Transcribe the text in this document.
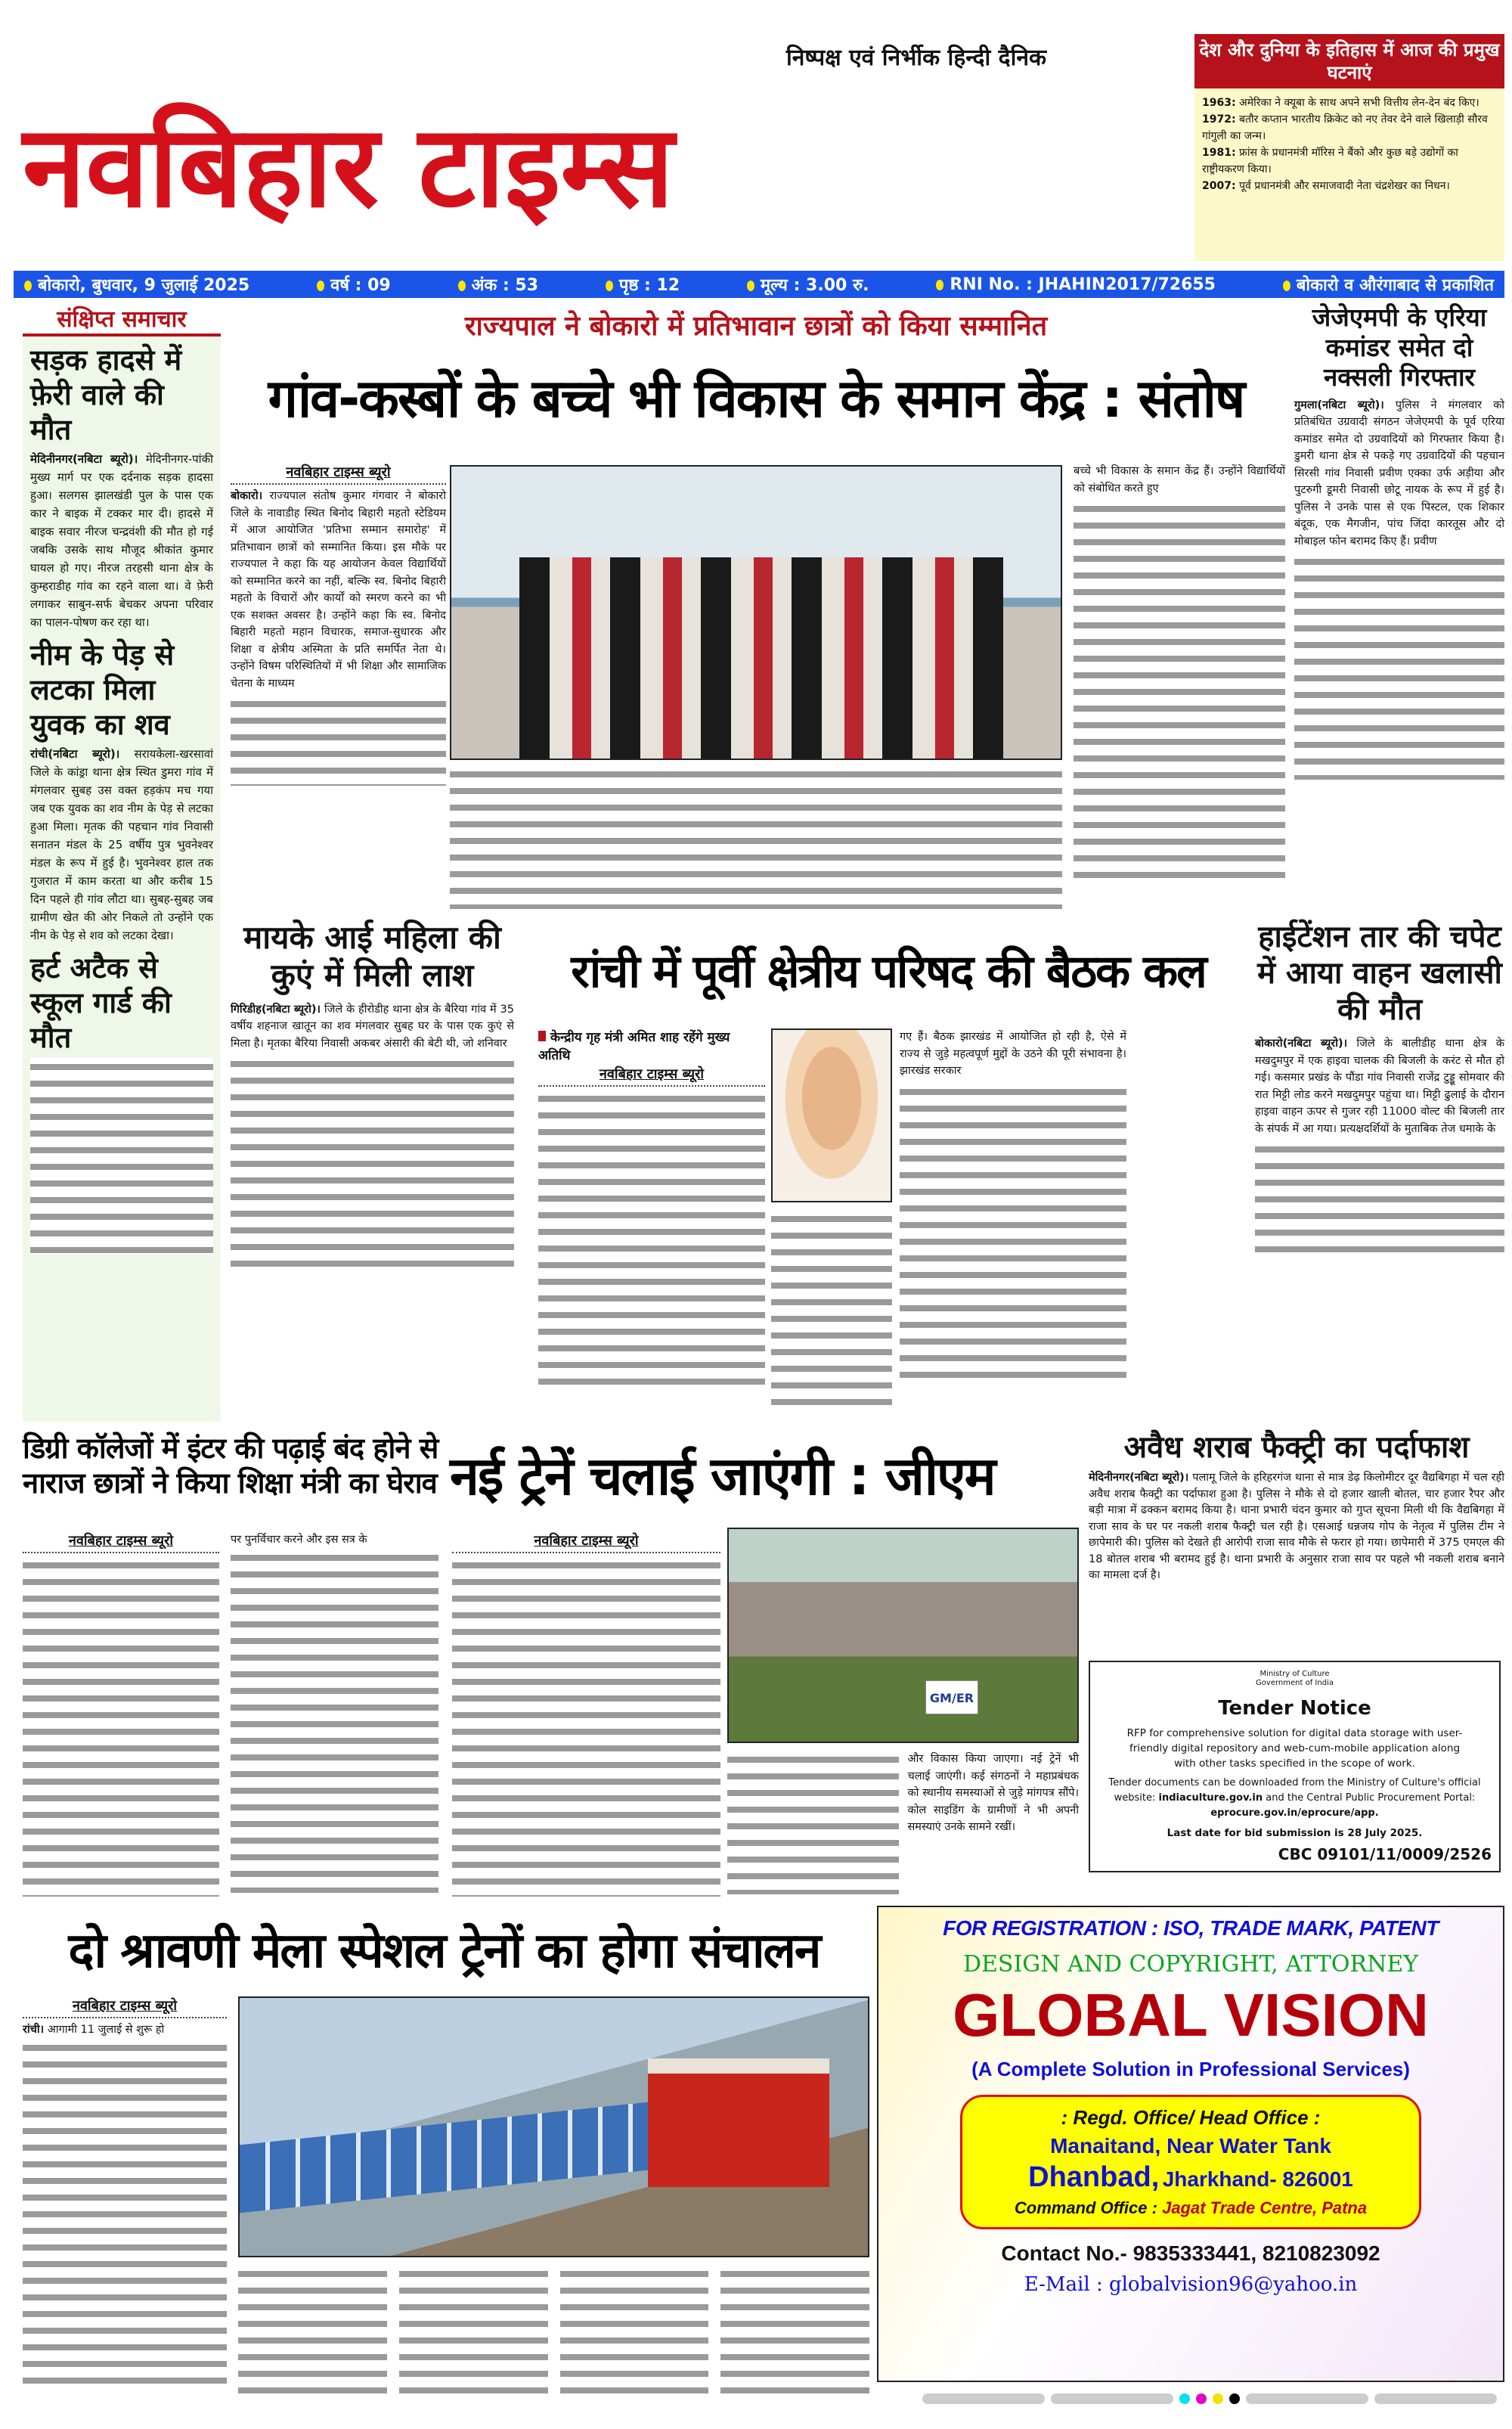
नवबिहार टाइम्स
निष्पक्ष एवं निर्भीक हिन्दी दैनिक	देश और दुनिया के इतिहास में आज की प्रमुख घटनाएं
1963: अमेरिका ने क्यूबा के साथ अपने सभी वित्तीय लेन-देन बंद किए।
1972: बतौर कप्तान भारतीय क्रिकेट को नए तेवर देने वाले खिलाड़ी सौरव गांगुली का जन्म।
1981: फ्रांस के प्रधानमंत्री मॉरिस ने बैंको और कुछ बड़े उद्योगों का राष्ट्रीयकरण किया।
2007: पूर्व प्रधानमंत्री और समाजवादी नेता चंद्रशेखर का निधन।
बोकारो, बुधवार, 9 जुलाई 2025	वर्ष : 09	अंक : 53	पृष्ठ : 12	मूल्य : 3.00 रु.	RNI No. : JHAHIN2017/72655	बोकारो व औरंगाबाद से प्रकाशित
संक्षिप्त समाचार
सड़क हादसे में फ़ेरी वाले की मौत
मेदिनीनगर(नबिटा ब्यूरो)। मेदिनीनगर-पांकी मुख्य मार्ग पर एक दर्दनाक सड़क हादसा हुआ। सलगस झालखंडी पुल के पास एक कार ने बाइक में टक्कर मार दी। हादसे में बाइक सवार नीरज चन्द्रवंशी की मौत हो गई जबकि उसके साथ मौजूद श्रीकांत कुमार घायल हो गए। नीरज तरहसी थाना क्षेत्र के कुम्हराडीह गांव का रहने वाला था। वे फ़ेरी लगाकर साबुन-सर्फ बेचकर अपना परिवार का पालन-पोषण कर रहा था।
नीम के पेड़ से लटका मिला युवक का शव
रांची(नबिटा ब्यूरो)। सरायकेला-खरसावां जिले के कांड्रा थाना क्षेत्र स्थित डुमरा गांव में मंगलवार सुबह उस वक्त हड़कंप मच गया जब एक युवक का शव नीम के पेड़ से लटका हुआ मिला। मृतक की पहचान गांव निवासी सनातन मंडल के 25 वर्षीय पुत्र भुवनेश्वर मंडल के रूप में हुई है। भुवनेश्वर हाल तक गुजरात में काम करता था और करीब 15 दिन पहले ही गांव लौटा था। सुबह-सुबह जब ग्रामीण खेत की ओर निकले तो उन्होंने एक नीम के पेड़ से शव को लटका देखा।
हर्ट अटैक से स्कूल गार्ड की मौत
राज्यपाल ने बोकारो में प्रतिभावान छात्रों को किया सम्मानित
गांव-कस्बों के बच्चे भी विकास के समान केंद्र : संतोष
नवबिहार टाइम्स ब्यूरो
बोकारो। राज्यपाल संतोष कुमार गंगवार ने बोकारो जिले के नावाडीह स्थित बिनोद बिहारी महतो स्टेडियम में आज आयोजित 'प्रतिभा सम्मान समारोह' में प्रतिभावान छात्रों को सम्मानित किया। इस मौके पर राज्यपाल ने कहा कि यह आयोजन केवल विद्यार्थियों को सम्मानित करने का नहीं, बल्कि स्व. बिनोद बिहारी महतो के विचारों और कार्यों को स्मरण करने का भी एक सशक्त अवसर है। उन्होंने कहा कि स्व. बिनोद बिहारी महतो महान विचारक, समाज-सुधारक और शिक्षा व क्षेत्रीय अस्मिता के प्रति समर्पित नेता थे। उन्होंने विषम परिस्थितियों में भी शिक्षा और सामाजिक चेतना के माध्यम
बच्चे भी विकास के समान केंद्र हैं। उन्होंने विद्यार्थियों को संबोधित करते हुए
जेजेएमपी के एरिया कमांडर समेत दो नक्सली गिरफ्तार
गुमला(नबिटा ब्यूरो)। पुलिस ने मंगलवार को प्रतिबंधित उग्रवादी संगठन जेजेएमपी के पूर्व एरिया कमांडर समेत दो उग्रवादियों को गिरफ्तार किया है। डुमरी थाना क्षेत्र से पकड़े गए उग्रवादियों की पहचान सिरसी गांव निवासी प्रवीण एक्का उर्फ अड़ीया और पुटरुगी डूमरी निवासी छोटू नायक के रूप में हुई है। पुलिस ने उनके पास से एक पिस्टल, एक शिकार बंदूक, एक मैगजीन, पांच जिंदा कारतूस और दो मोबाइल फोन बरामद किए हैं। प्रवीण
मायके आई महिला की कुएं में मिली लाश
गिरिडीह(नबिटा ब्यूरो)। जिले के हीरोडीह थाना क्षेत्र के बैरिया गांव में 35 वर्षीय शहनाज खातून का शव मंगलवार सुबह घर के पास एक कुएं से मिला है। मृतका बैरिया निवासी अकबर अंसारी की बेटी थी, जो शनिवार
रांची में पूर्वी क्षेत्रीय परिषद की बैठक कल
केन्द्रीय गृह मंत्री अमित शाह रहेंगे मुख्य अतिथि
नवबिहार टाइम्स ब्यूरो
गए हैं। बैठक झारखंड में आयोजित हो रही है, ऐसे में राज्य से जुड़े महत्वपूर्ण मुद्दों के उठने की पूरी संभावना है। झारखंड सरकार
हाईटेंशन तार की चपेट में आया वाहन खलासी की मौत
बोकारो(नबिटा ब्यूरो)। जिले के बालीडीह थाना क्षेत्र के मखदुमपुर में एक हाइवा चालक की बिजली के करंट से मौत हो गई। कसमार प्रखंड के पौंडा गांव निवासी राजेंद्र टुड्डू सोमवार की रात मिट्टी लोड करने मखदुमपुर पहुंचा था। मिट्टी ढुलाई के दौरान हाइवा वाहन ऊपर से गुजर रही 11000 वोल्ट की बिजली तार के संपर्क में आ गया। प्रत्यक्षदर्शियों के मुताबिक तेज धमाके के
डिग्री कॉलेजों में इंटर की पढ़ाई बंद होने से नाराज छात्रों ने किया शिक्षा मंत्री का घेराव
नवबिहार टाइम्स ब्यूरो	पर पुनर्विचार करने और इस सत्र के
नई ट्रेनें चलाई जाएंगी : जीएम
नवबिहार टाइम्स ब्यूरो
GM/ER
और विकास किया जाएगा। नई ट्रेनें भी चलाई जाएंगी। कई संगठनों ने महाप्रबंधक को स्थानीय समस्याओं से जुड़े मांगपत्र सौंपे। कोल साइडिंग के ग्रामीणों ने भी अपनी समस्याएं उनके सामने रखीं।
अवैध शराब फैक्ट्री का पर्दाफाश
मेदिनीनगर(नबिटा ब्यूरो)। पलामू जिले के हरिहरगंज थाना से मात्र डेढ़ किलोमीटर दूर वैद्यबिगहा में चल रही अवैध शराब फैक्ट्री का पर्दाफाश हुआ है। पुलिस ने मौके से दो हजार खाली बोतल, चार हजार रैपर और बड़ी मात्रा में ढक्कन बरामद किया है। थाना प्रभारी चंदन कुमार को गुप्त सूचना मिली थी कि वैद्यबिगहा में राजा साव के घर पर नकली शराब फैक्ट्री चल रही है। एसआई धन्नजय गोप के नेतृत्व में पुलिस टीम ने छापेमारी की। पुलिस को देखते ही आरोपी राजा साव मौके से फरार हो गया। छापेमारी में 375 एमएल की 18 बोतल शराब भी बरामद हुई है। थाना प्रभारी के अनुसार राजा साव पर पहले भी नकली शराब बनाने का मामला दर्ज है।
Ministry of Culture
Government of India
Tender Notice
RFP for comprehensive solution for digital data storage with user-friendly digital repository and web-cum-mobile application along with other tasks specified in the scope of work.
Tender documents can be downloaded from the Ministry of Culture's official website: indiaculture.gov.in and the Central Public Procurement Portal: eprocure.gov.in/eprocure/app.
Last date for bid submission is 28 July 2025.
CBC 09101/11/0009/2526
दो श्रावणी मेला स्पेशल ट्रेनों का होगा संचालन
नवबिहार टाइम्स ब्यूरो
रांची। आगामी 11 जुलाई से शुरू हो
FOR REGISTRATION : ISO, TRADE MARK, PATENT
DESIGN AND COPYRIGHT, ATTORNEY
GLOBAL VISION
(A Complete Solution in Professional Services)
: Regd. Office/ Head Office :
Manaitand, Near Water Tank
Dhanbad, Jharkhand- 826001
Command Office : Jagat Trade Centre, Patna
Contact No.- 9835333441, 8210823092
E-Mail : globalvision96@yahoo.in
